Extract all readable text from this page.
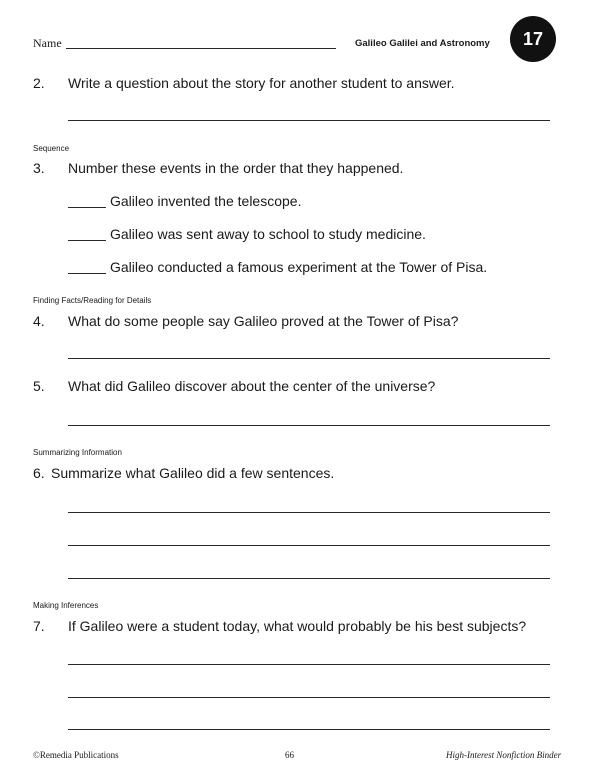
Name	Galileo Galilei and Astronomy	17
2. Write a question about the story for another student to answer.
Sequence
3. Number these events in the order that they happened.
Galileo invented the telescope.
Galileo was sent away to school to study medicine.
Galileo conducted a famous experiment at the Tower of Pisa.
Finding Facts/Reading for Details
4. What do some people say Galileo proved at the Tower of Pisa?
5. What did Galileo discover about the center of the universe?
Summarizing Information
6. Summarize what Galileo did a few sentences.
Making Inferences
7. If Galileo were a student today, what would probably be his best subjects?
©Remedia Publications	66	High-Interest Nonfiction Binder
